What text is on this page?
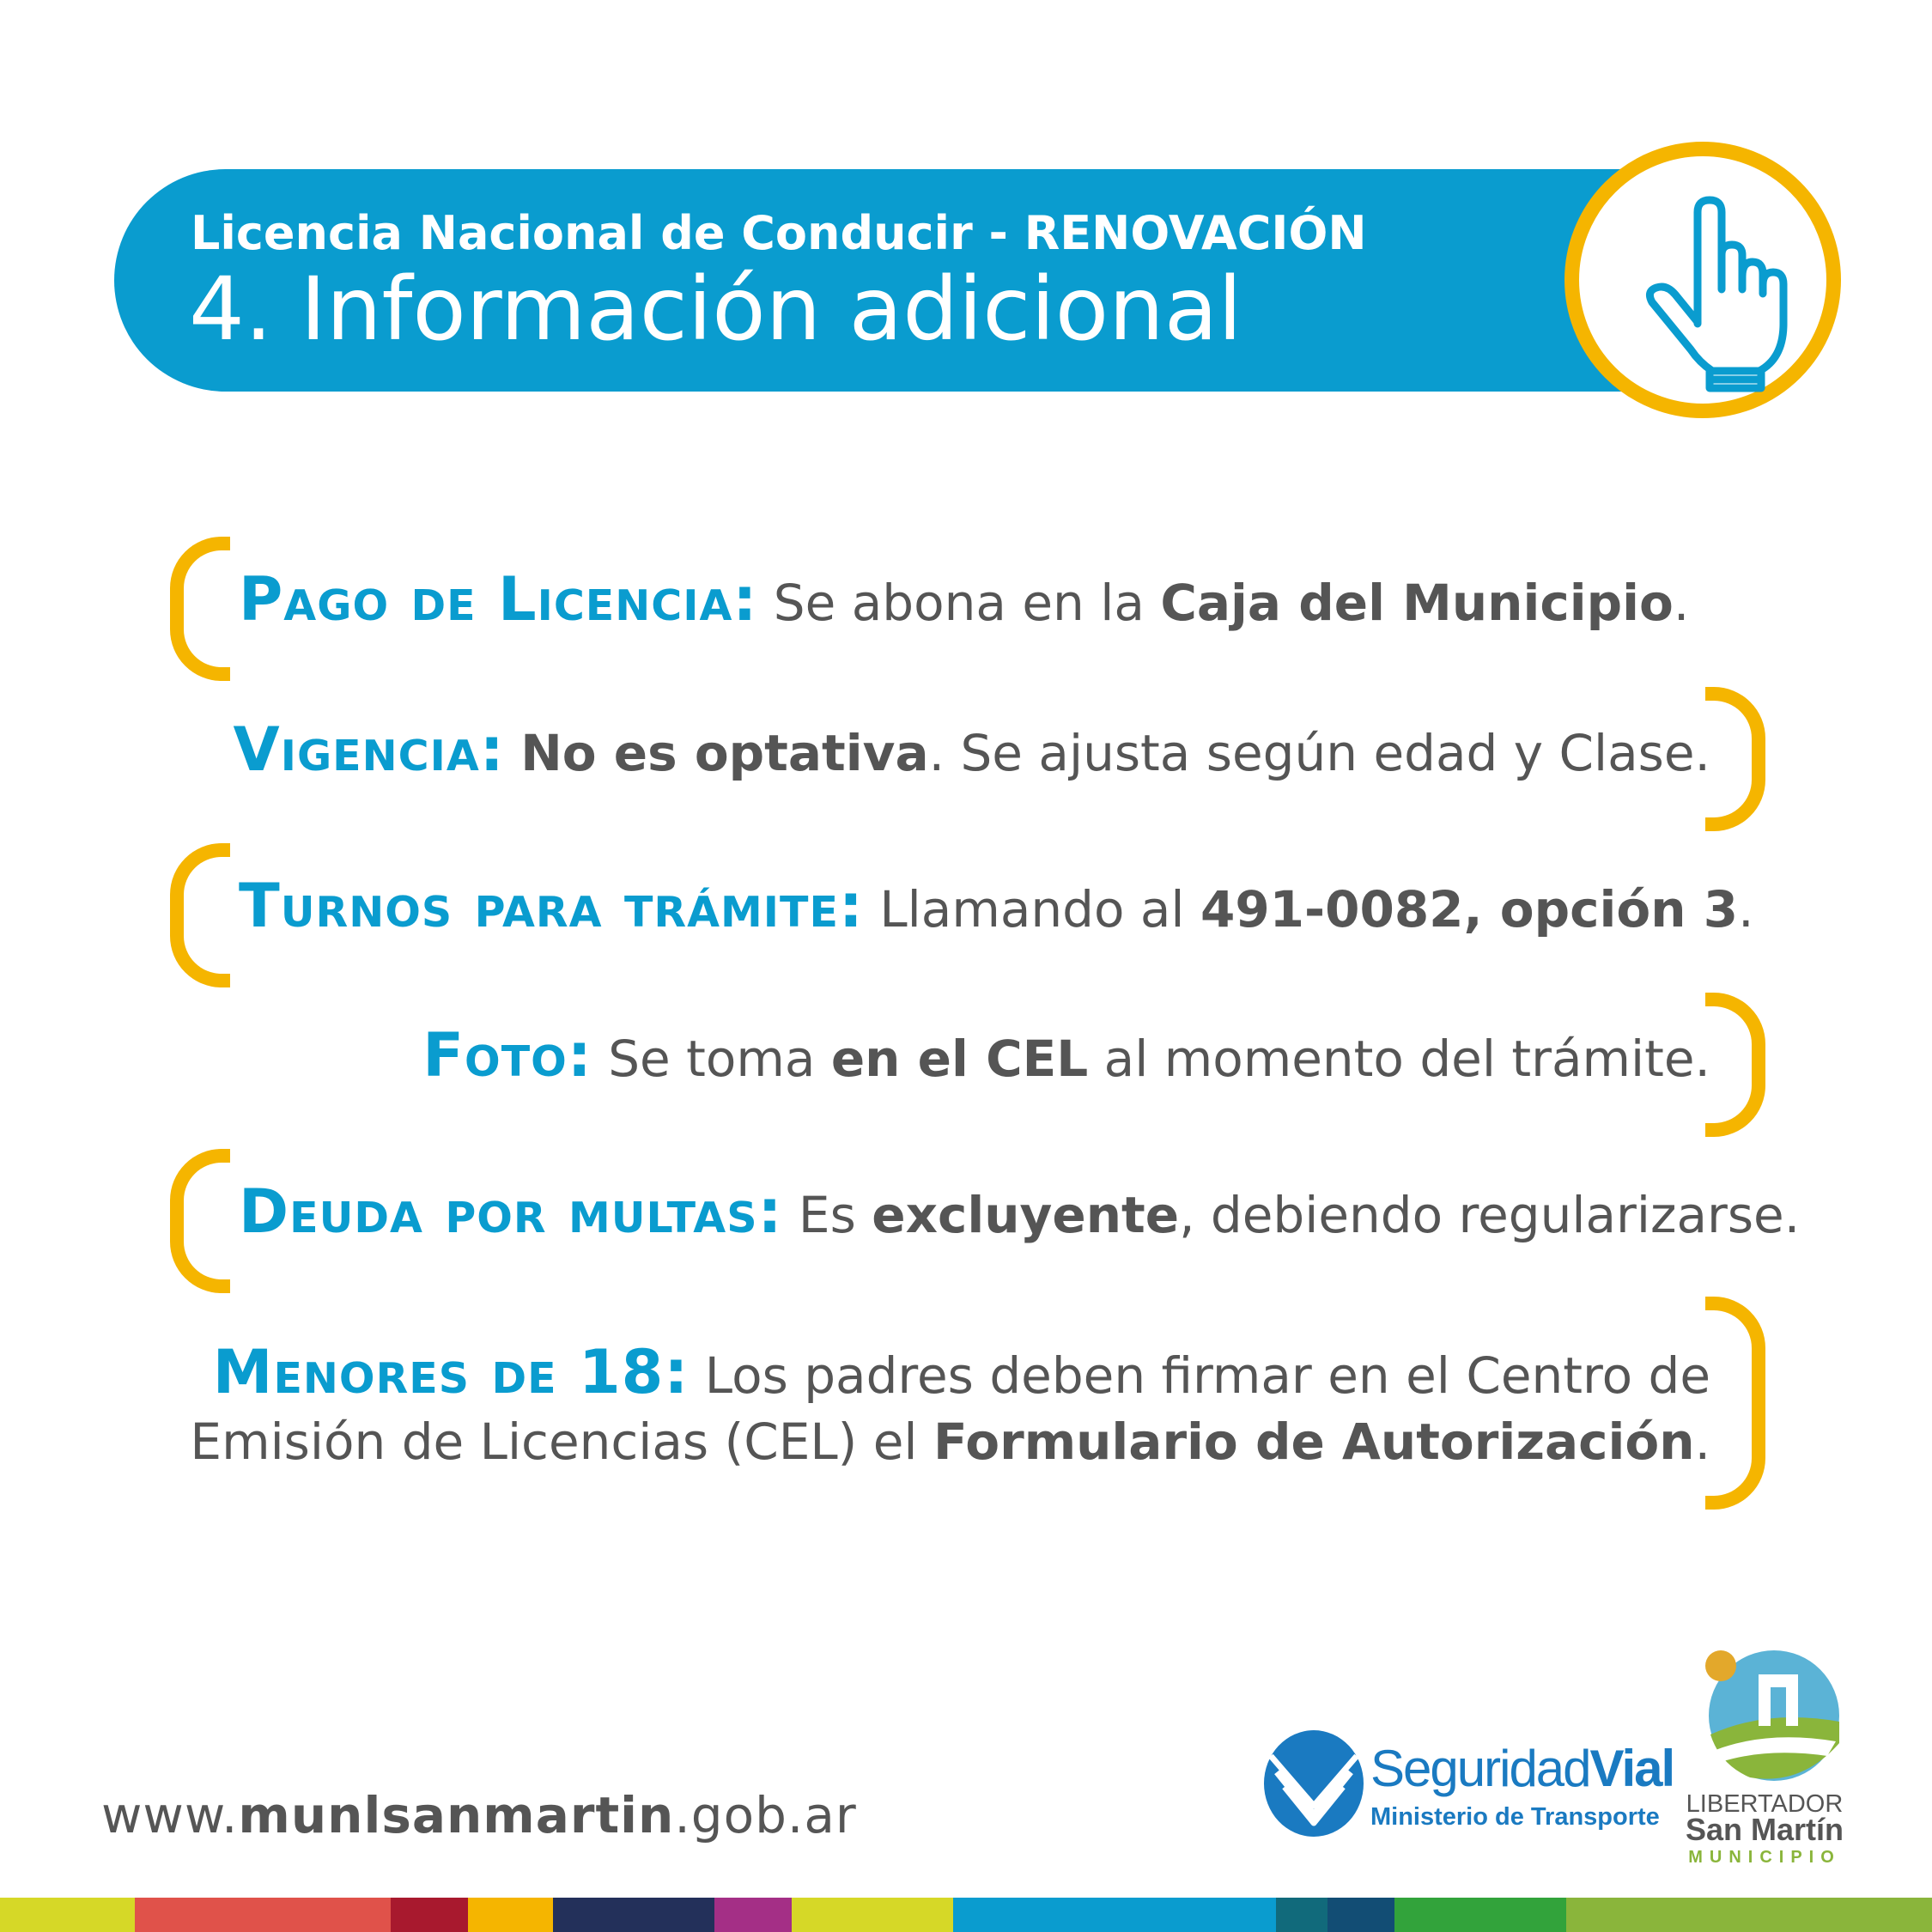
Licencia Nacional de Conducir - RENOVACIÓN
4. Información adicional
Pago de Licencia: Se abona en la Caja del Municipio.
Vigencia: No es optativa. Se ajusta según edad y Clase.
Turnos para trámite: Llamando al 491-0082, opción 3.
Foto: Se toma en el CEL al momento del trámite.
Deuda por multas: Es excluyente, debiendo regularizarse.
Menores de 18: Los padres deben firmar en el Centro de
Emisión de Licencias (CEL) el Formulario de Autorización.
www.munlsanmartin.gob.ar
SeguridadVial
Ministerio de Transporte	LIBERTADOR
San Martín
MUNICIPIO
